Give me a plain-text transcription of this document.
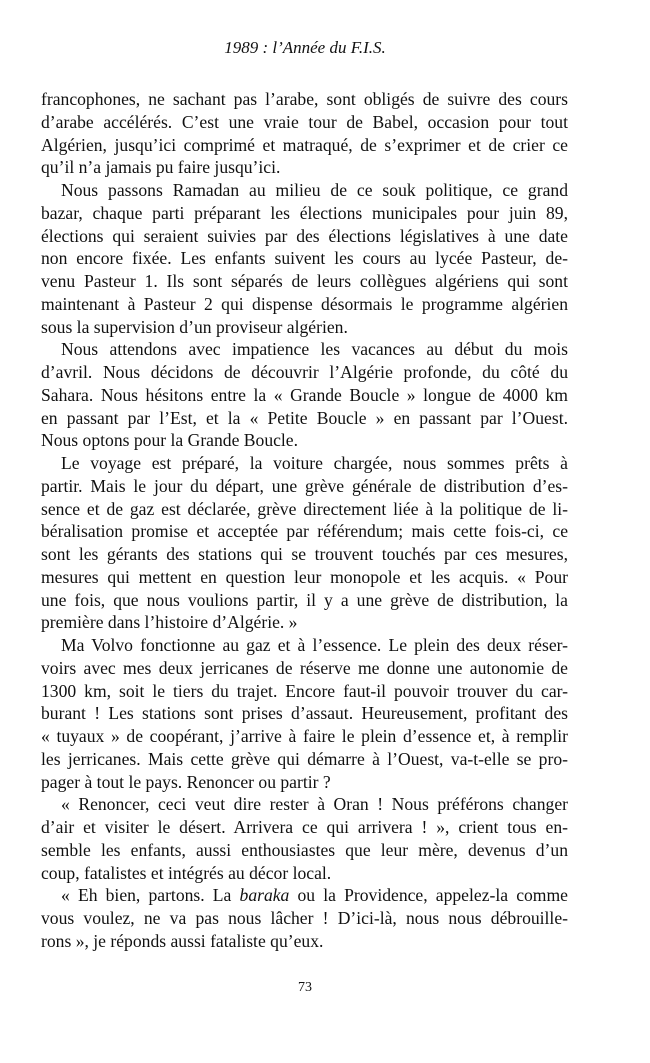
1989 : l’Année du F.I.S.
francophones, ne sachant pas l’arabe, sont obligés de suivre des cours
d’arabe accélérés. C’est une vraie tour de Babel, occasion pour tout
Algérien, jusqu’ici comprimé et matraqué, de s’exprimer et de crier ce
qu’il n’a jamais pu faire jusqu’ici.
Nous passons Ramadan au milieu de ce souk politique, ce grand
bazar, chaque parti préparant les élections municipales pour juin 89,
élections qui seraient suivies par des élections législatives à une date
non encore fixée. Les enfants suivent les cours au lycée Pasteur, de-
venu Pasteur 1. Ils sont séparés de leurs collègues algériens qui sont
maintenant à Pasteur 2 qui dispense désormais le programme algérien
sous la supervision d’un proviseur algérien.
Nous attendons avec impatience les vacances au début du mois
d’avril. Nous décidons de découvrir l’Algérie profonde, du côté du
Sahara. Nous hésitons entre la « Grande Boucle » longue de 4000 km
en passant par l’Est, et la « Petite Boucle » en passant par l’Ouest.
Nous optons pour la Grande Boucle.
Le voyage est préparé, la voiture chargée, nous sommes prêts à
partir. Mais le jour du départ, une grève générale de distribution d’es-
sence et de gaz est déclarée, grève directement liée à la politique de li-
béralisation promise et acceptée par référendum; mais cette fois-ci, ce
sont les gérants des stations qui se trouvent touchés par ces mesures,
mesures qui mettent en question leur monopole et les acquis. « Pour
une fois, que nous voulions partir, il y a une grève de distribution, la
première dans l’histoire d’Algérie. »
Ma Volvo fonctionne au gaz et à l’essence. Le plein des deux réser-
voirs avec mes deux jerricanes de réserve me donne une autonomie de
1300 km, soit le tiers du trajet. Encore faut-il pouvoir trouver du car-
burant ! Les stations sont prises d’assaut. Heureusement, profitant des
« tuyaux » de coopérant, j’arrive à faire le plein d’essence et, à remplir
les jerricanes. Mais cette grève qui démarre à l’Ouest, va-t-elle se pro-
pager à tout le pays. Renoncer ou partir ?
« Renoncer, ceci veut dire rester à Oran ! Nous préférons changer
d’air et visiter le désert. Arrivera ce qui arrivera ! », crient tous en-
semble les enfants, aussi enthousiastes que leur mère, devenus d’un
coup, fatalistes et intégrés au décor local.
« Eh bien, partons. La baraka ou la Providence, appelez-la comme
vous voulez, ne va pas nous lâcher ! D’ici-là, nous nous débrouille-
rons », je réponds aussi fataliste qu’eux.
73
